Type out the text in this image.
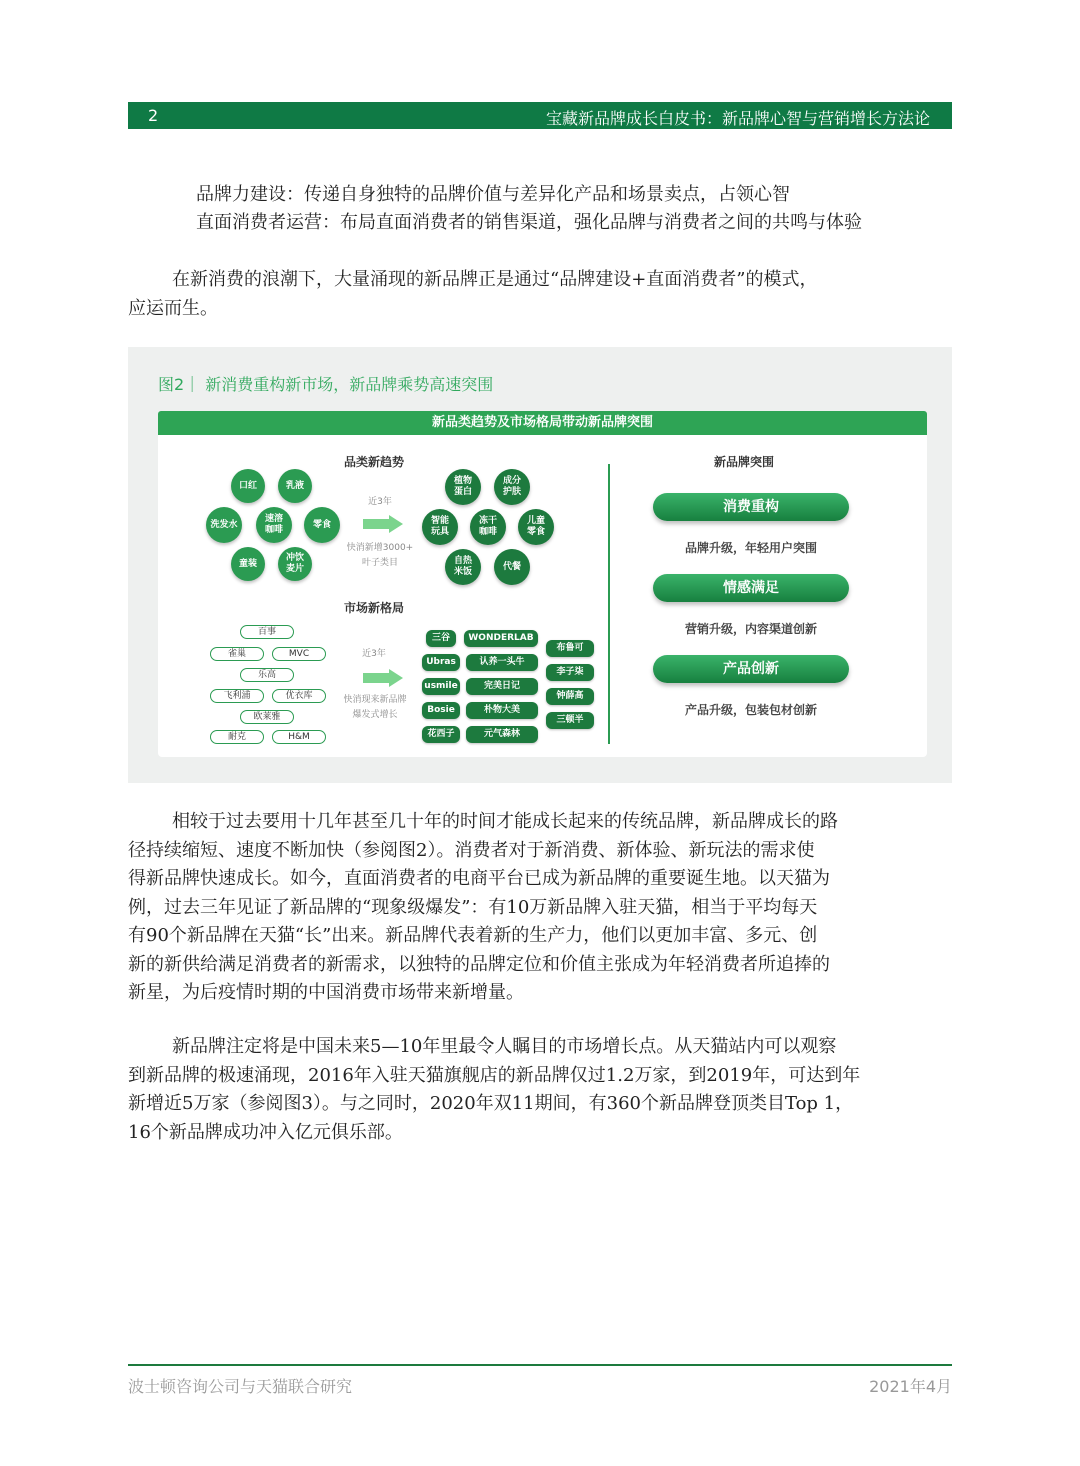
2	宝藏新品牌成长白皮书：新品牌心智与营销增长方法论
品牌力建设：传递自身独特的品牌价值与差异化产品和场景卖点，占领心智
直面消费者运营：布局直面消费者的销售渠道，强化品牌与消费者之间的共鸣与体验
在新消费的浪潮下，大量涌现的新品牌正是通过“品牌建设+直面消费者”的模式，
应运而生。
图2｜ 新消费重构新市场，新品牌乘势高速突围
新品类趋势及市场格局带动新品牌突围
品类新趋势
口红	乳液
洗发水
速溶
咖啡
零食
童装
冲饮
麦片
近3年
快消新增3000+
叶子类目
植物
蛋白
成分
护肤
智能
玩具
冻干
咖啡
儿童
零食
自热
米饭
代餐
市场新格局
百事
雀巢	MVC
乐高
飞利浦	优衣库
欧莱雅
耐克	H&M
近3年
快消现来新品牌
爆发式增长
三谷	WONDERLAB
布鲁可
Ubras	认养一头牛
李子柒
usmile	完美日记
钟薛高
Bosie	朴物大美
三顿半
花西子	元气森林
新品牌突围
消费重构
品牌升级，年轻用户突围
情感满足
营销升级，内容渠道创新
产品创新
产品升级，包装包材创新
相较于过去要用十几年甚至几十年的时间才能成长起来的传统品牌，新品牌成长的路
径持续缩短、速度不断加快（参阅图2）。消费者对于新消费、新体验、新玩法的需求使
得新品牌快速成长。如今，直面消费者的电商平台已成为新品牌的重要诞生地。以天猫为
例，过去三年见证了新品牌的“现象级爆发”：有10万新品牌入驻天猫，相当于平均每天
有90个新品牌在天猫“长”出来。新品牌代表着新的生产力，他们以更加丰富、多元、创
新的新供给满足消费者的新需求，以独特的品牌定位和价值主张成为年轻消费者所追捧的
新星，为后疫情时期的中国消费市场带来新增量。
新品牌注定将是中国未来5—10年里最令人瞩目的市场增长点。从天猫站内可以观察
到新品牌的极速涌现，2016年入驻天猫旗舰店的新品牌仅过1.2万家，到2019年，可达到年
新增近5万家（参阅图3）。与之同时，2020年双11期间，有360个新品牌登顶类目Top 1，
16个新品牌成功冲入亿元俱乐部。
波士顿咨询公司与天猫联合研究	2021年4月
